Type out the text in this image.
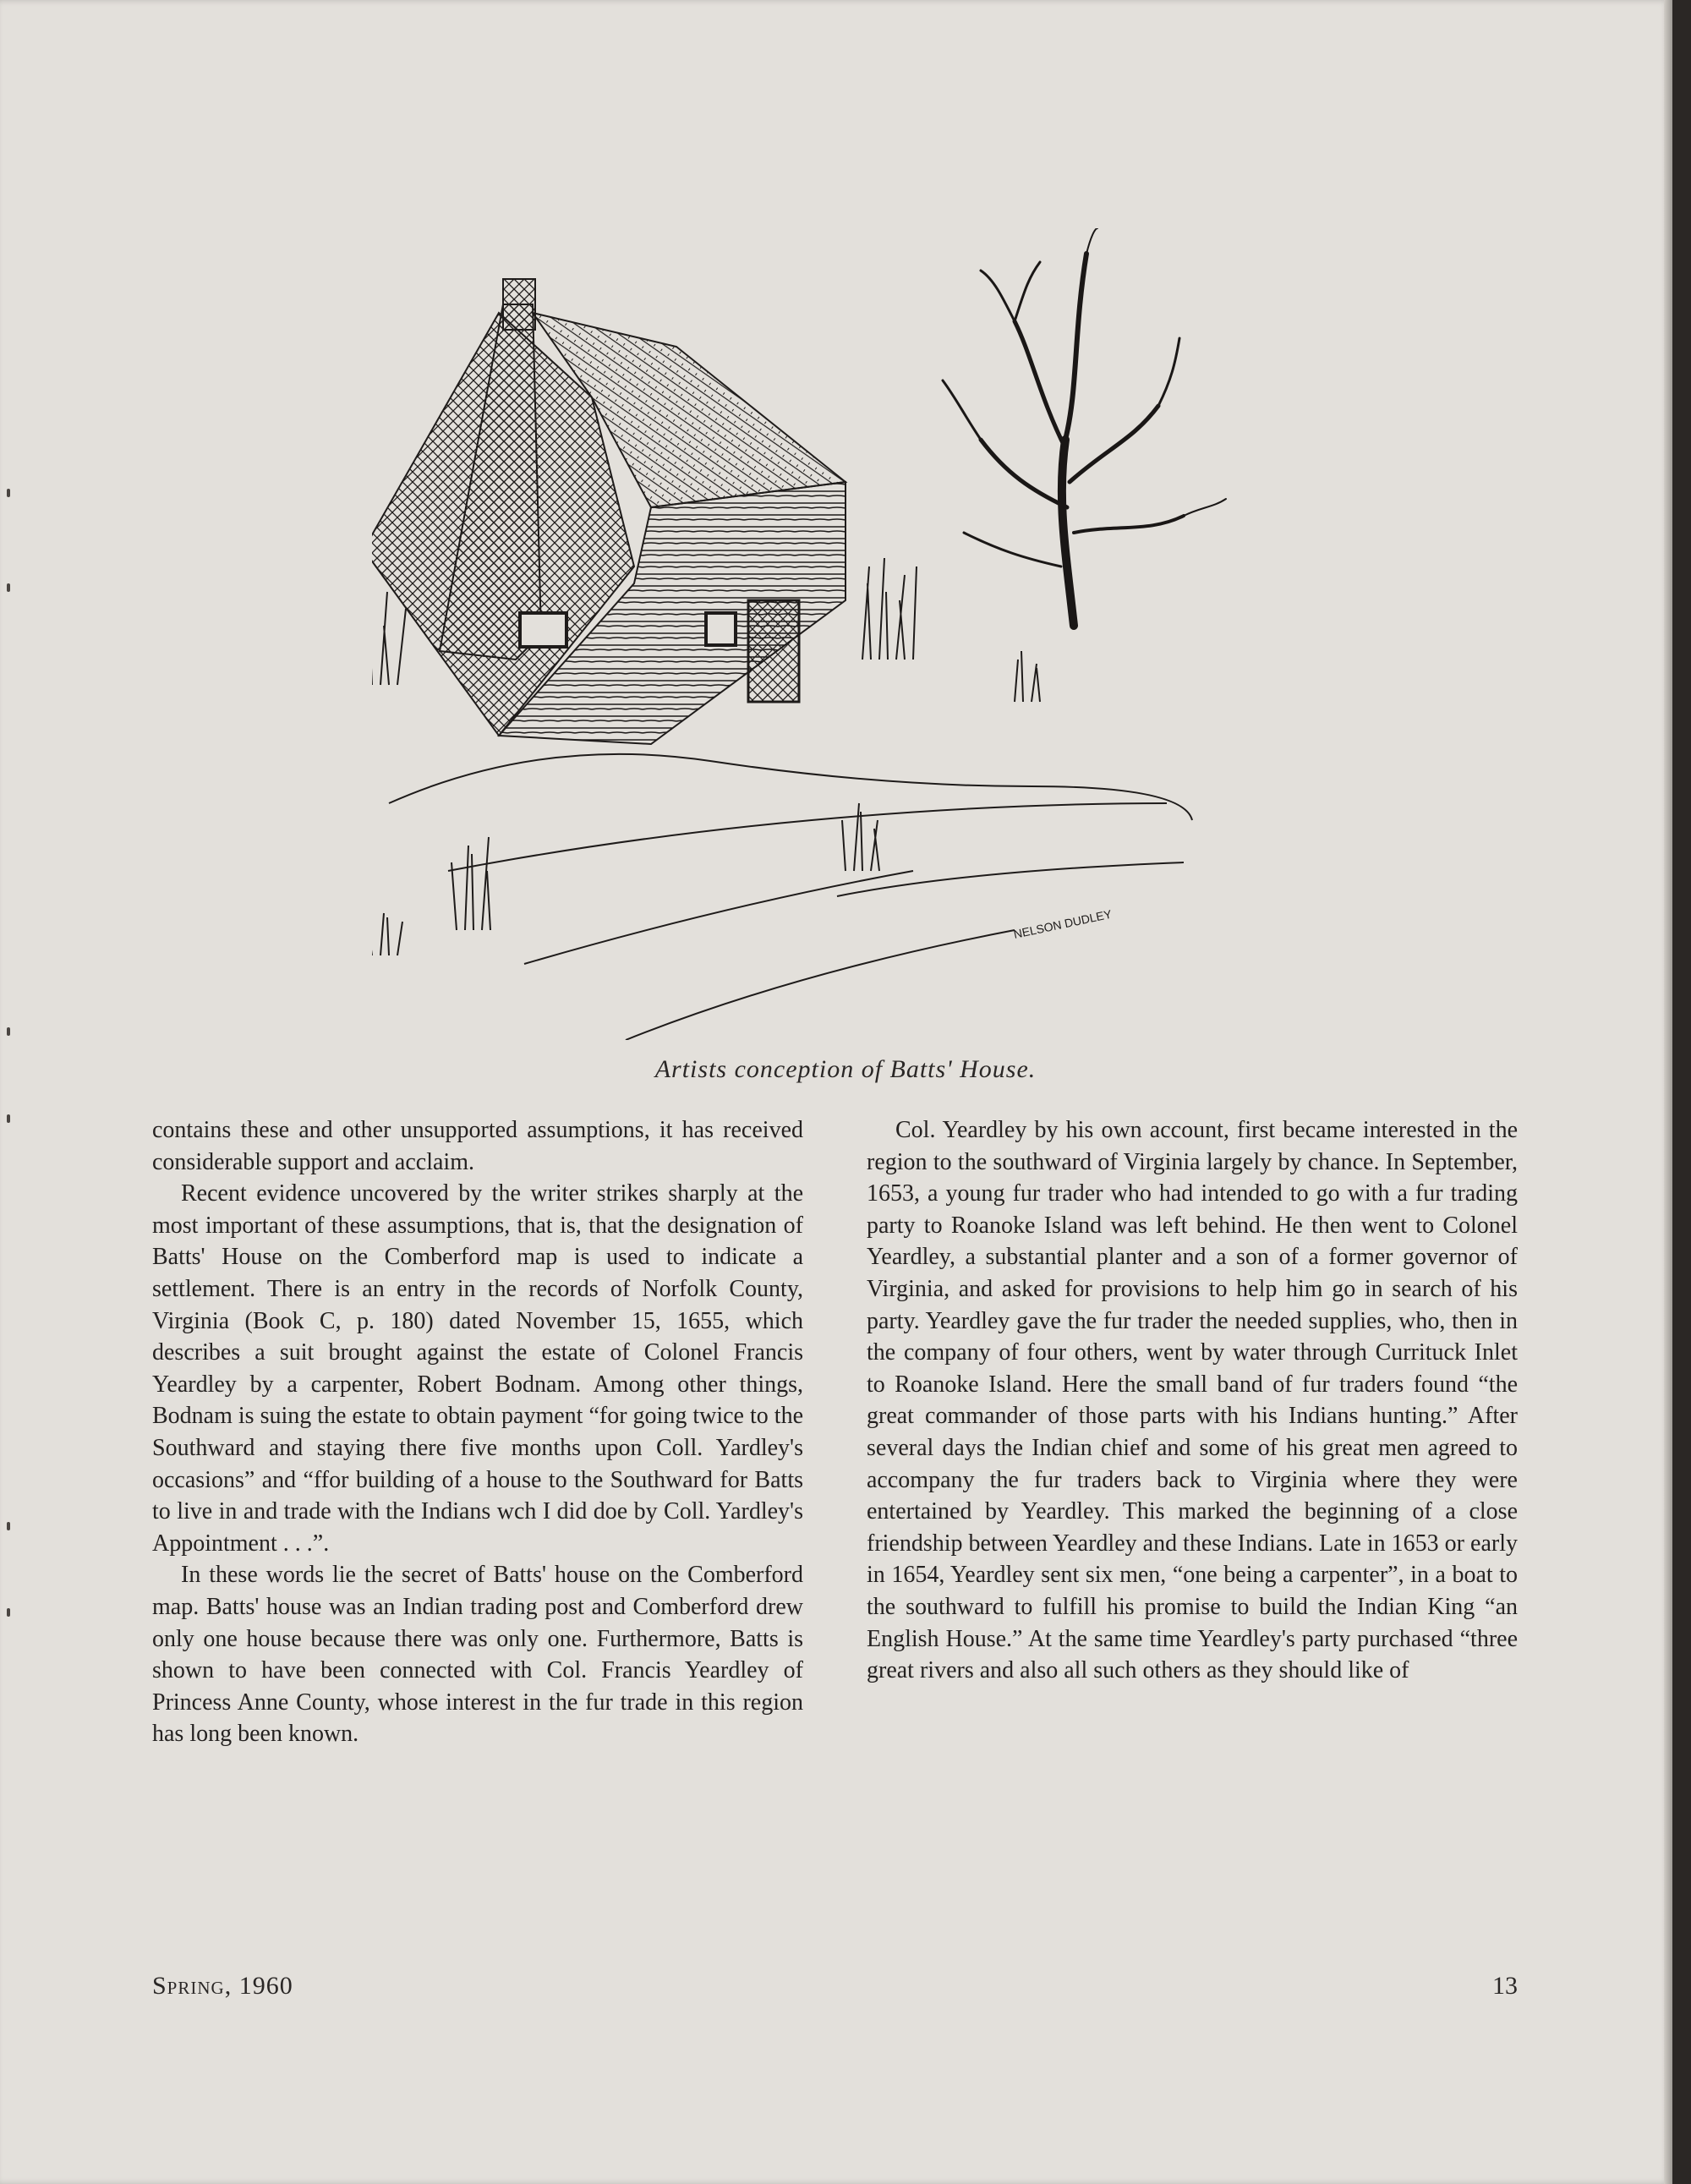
NELSON DUDLEY
Artists conception of Batts' House.

contains these and other unsupported assumptions, it has received considerable support and acclaim.

Recent evidence uncovered by the writer strikes sharply at the most important of these assumptions, that is, that the designation of Batts' House on the Comberford map is used to indicate a settlement. There is an entry in the records of Norfolk County, Virginia (Book C, p. 180) dated November 15, 1655, which describes a suit brought against the estate of Colonel Francis Yeardley by a carpenter, Robert Bodnam. Among other things, Bodnam is suing the estate to obtain payment “for going twice to the Southward and staying there five months upon Coll. Yardley's occasions” and “ffor building of a house to the Southward for Batts to live in and trade with the Indians wch I did doe by Coll. Yardley's Appointment . . .”.

In these words lie the secret of Batts' house on the Comberford map. Batts' house was an Indian trading post and Comberford drew only one house because there was only one. Furthermore, Batts is shown to have been connected with Col. Francis Yeardley of Princess Anne County, whose interest in the fur trade in this region has long been known.

Col. Yeardley by his own account, first became interested in the region to the southward of Virginia largely by chance. In September, 1653, a young fur trader who had intended to go with a fur trading party to Roanoke Island was left behind. He then went to Colonel Yeardley, a substantial planter and a son of a former governor of Virginia, and asked for provisions to help him go in search of his party. Yeardley gave the fur trader the needed supplies, who, then in the company of four others, went by water through Currituck Inlet to Roanoke Island. Here the small band of fur traders found “the great commander of those parts with his Indians hunting.” After several days the Indian chief and some of his great men agreed to accompany the fur traders back to Virginia where they were entertained by Yeardley. This marked the beginning of a close friendship between Yeardley and these Indians. Late in 1653 or early in 1654, Yeardley sent six men, “one being a carpenter”, in a boat to the southward to fulfill his promise to build the Indian King “an English House.” At the same time Yeardley's party purchased “three great rivers and also all such others as they should like of

Spring, 1960	13
